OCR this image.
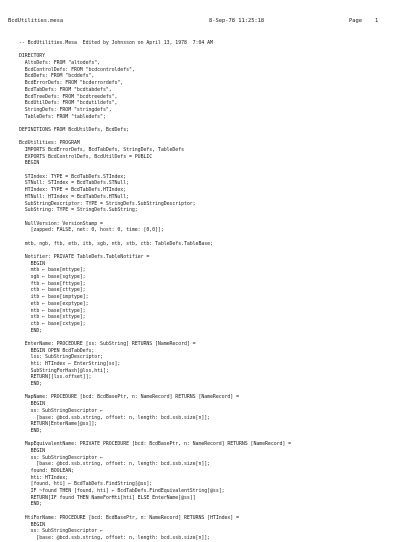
BcdUtilities.mesa

	8-Sep-78 11:25:18

	Page    1

-- BcdUtilities.Mesa  Edited by Johnsson on April 13, 1978  7:04 AM
DIRECTORY
AltoDefs: FROM "altodefs",
BcdControlDefs: FROM "bcdcontroldefs",
BcdDefs: FROM "bcddefs",
BcdErrorDefs: FROM "bcderrordefs",
BcdTabDefs: FROM "bcdtabdefs",
BcdTreeDefs: FROM "bcdtreedefs",
BcdUtilDefs: FROM "bcdutildefs",
StringDefs: FROM "stringdefs",
TableDefs: FROM "tabledefs";
DEFINITIONS FROM BcdUtilDefs, BcdDefs;
BcdUtilities: PROGRAM
IMPORTS BcdErrorDefs, BcdTabDefs, StringDefs, TableDefs
EXPORTS BcdControlDefs, BcdUtilDefs = PUBLIC
BEGIN
STIndex: TYPE = BcdTabDefs.STIndex;
STNull: STIndex = BcdTabDefs.STNull;
HTIndex: TYPE = BcdTabDefs.HTIndex;
HTNull: HTIndex = BcdTabDefs.HTNull;
SubStringDescriptor: TYPE = StringDefs.SubStringDescriptor;
SubString: TYPE = StringDefs.SubString;
NullVersion: VersionStamp =
[zapped: FALSE, net: 0, host: 0, time: [0,0]];
mtb, ngb, ftb, etb, itb, sgb, ntb, stb, ctb: TableDefs.TableBase;
Notifier: PRIVATE TableDefs.TableNotifier =
BEGIN
mtb ← base[mttype];
sgb ← base[sgtype];
ftb ← base[fttype];
ctb ← base[cttype];
itb ← base[imptype];
etb ← base[exptype];
ntb ← base[nttype];
stb ← base[sttype];
ctb ← base[cxtype];
END;
EnterName: PROCEDURE [ss: SubString] RETURNS [NameRecord] =
BEGIN OPEN BcdTabDefs;
lss: SubStringDescriptor;
hti: HTIndex ← EnterString[ss];
SubStringForHash[@lss,hti];
RETURN[[lss.offset]];
END;
MapName: PROCEDURE [bcd: BcdBasePtr, n: NameRecord] RETURNS [NameRecord] =
BEGIN
ss: SubStringDescriptor ←
[base: @bcd.ssb.string, offset: n, length: bcd.ssb.size[n]];
RETURN[EnterName[@ss]];
END;
MapEquivalentName: PRIVATE PROCEDURE [bcd: BcdBasePtr, n: NameRecord] RETURNS [NameRecord] =
BEGIN
ss: SubStringDescriptor ←
[base: @bcd.ssb.string, offset: n, length: bcd.ssb.size[n]];
found: BOOLEAN;
hti: HTIndex;
[found, hti] ← BcdTabDefs.FindString[@ss];
IF ~found THEN [found, hti] ← BcdTabDefs.FindEquivalentString[@ss];
RETURN[IF found THEN NameForHti[hti] ELSE EnterName[@ss]]
END;
HtiForName: PROCEDURE [bcd: BcdBasePtr, n: NameRecord] RETURNS [HTIndex] =
BEGIN
ss: SubStringDescriptor ←
[base: @bcd.ssb.string, offset: n, length: bcd.ssb.size[n]];
